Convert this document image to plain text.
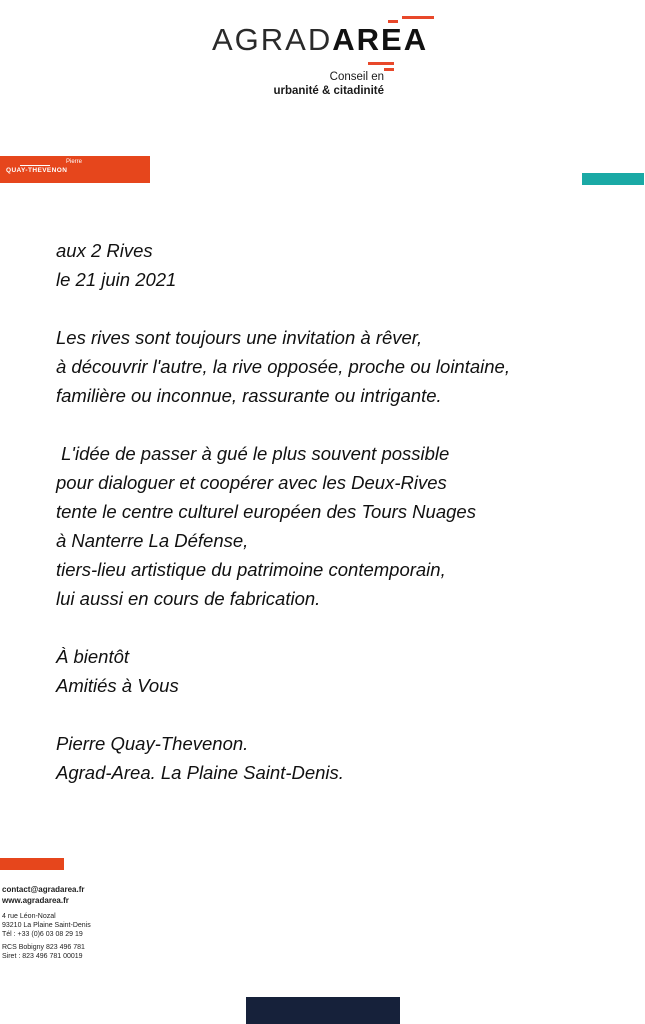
AGRADAREA
Conseil en
urbanité & citadinité
Pierre
QUAY-THEVENON
aux 2 Rives
le 21 juin 2021
Les rives sont toujours une invitation à rêver,
à découvrir l'autre, la rive opposée, proche ou lointaine,
familière ou inconnue, rassurante ou intrigante.
L'idée de passer à gué le plus souvent possible
pour dialoguer et coopérer avec les Deux-Rives
tente le centre culturel européen des Tours Nuages
à Nanterre La Défense,
tiers-lieu artistique du patrimoine contemporain,
lui aussi en cours de fabrication.
À bientôt
Amitiés à Vous
Pierre Quay-Thevenon.
Agrad-Area. La Plaine Saint-Denis.
contact@agradarea.fr
www.agradarea.fr
4 rue Léon-Nozal
93210 La Plaine Saint-Denis
Tél : +33 (0)6 03 08 29 19
RCS Bobigny 823 496 781
Siret : 823 496 781 00019
